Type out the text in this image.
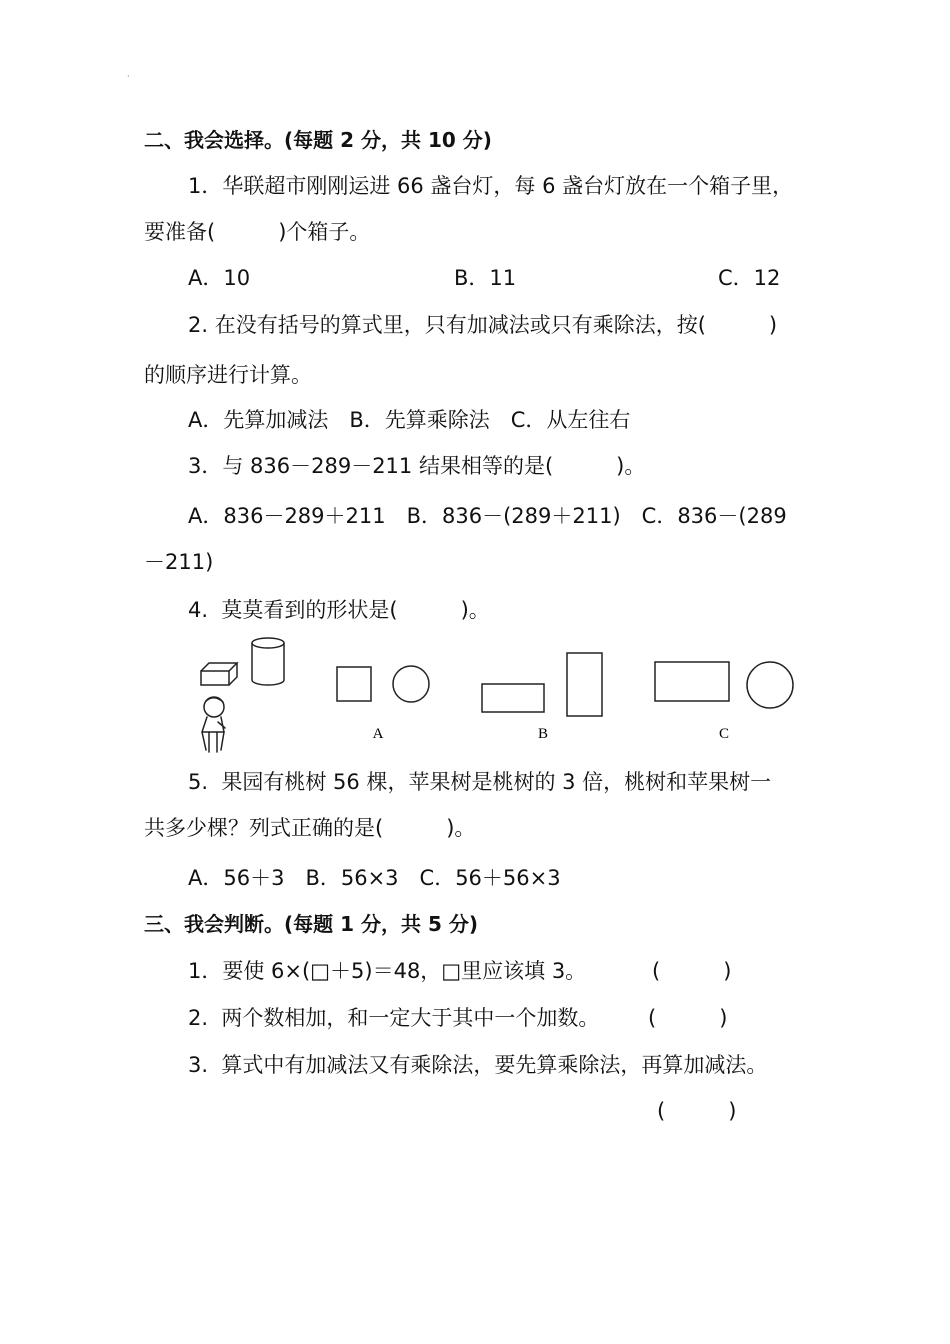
·
二、我会选择。(每题 2 分，共 10 分)
1．华联超市刚刚运进 66 盏台灯，每 6 盏台灯放在一个箱子里，
要准备(　　　)个箱子。
A．10	B．11	C．12
2. 在没有括号的算式里，只有加减法或只有乘除法，按(　　　)
的顺序进行计算。
A．先算加减法　B．先算乘除法　C．从左往右
3．与 836－289－211 结果相等的是(　　　)。
A．836－289＋211　B．836－(289＋211)　C．836－(289
－211)
4.  莫莫看到的形状是(　　　)。
A	B	C
5.  果园有桃树 56 棵，苹果树是桃树的 3 倍，桃树和苹果树一
共多少棵？列式正确的是(　　　)。
A．56＋3　B．56×3　C．56＋56×3
三、我会判断。(每题 1 分，共 5 分)
1．要使 6×(□＋5)＝48，□里应该填 3。	(　　　)
2.  两个数相加，和一定大于其中一个加数。 (　　　)
3.  算式中有加减法又有乘除法，要先算乘除法，再算加减法。
(　　　)
